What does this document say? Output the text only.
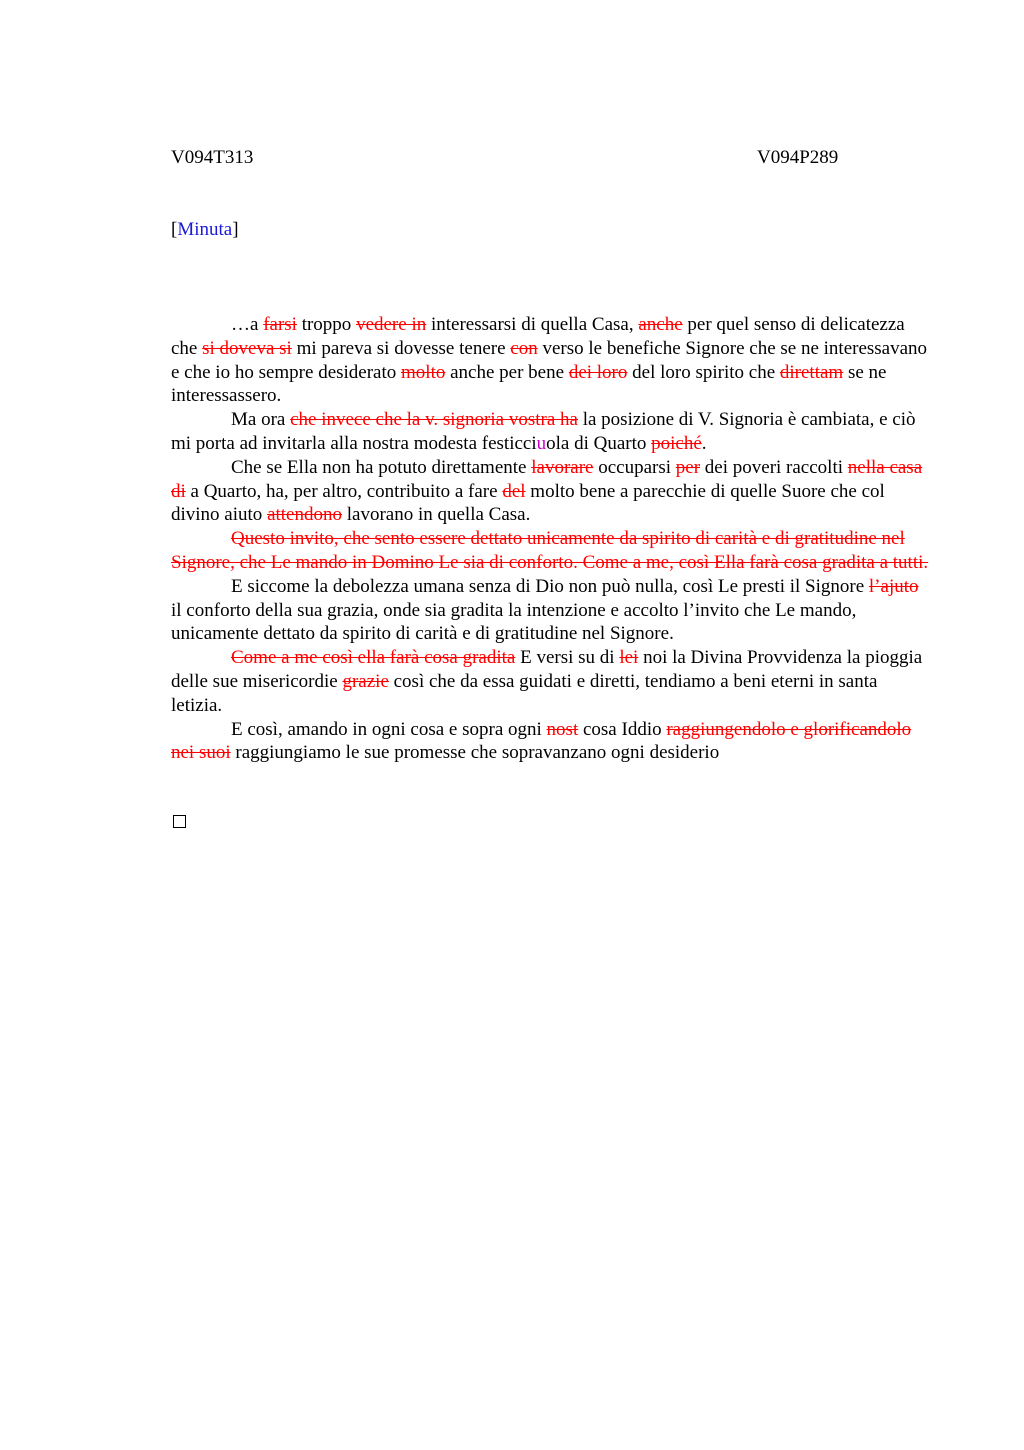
V094T313	V094P289
[Minuta]

…a farsi troppo vedere in interessarsi di quella Casa, anche per quel senso di delicatezza che si doveva si mi pareva si dovesse tenere con verso le benefiche Signore che se ne interessavano e che io ho sempre desiderato molto anche per bene dei loro del loro spirito che direttam se ne interessassero.

Ma ora che invece che la v. signoria vostra ha la posizione di V. Signoria è cambiata, e ciò mi porta ad invitarla alla nostra modesta festicciuola di Quarto poiché.

Che se Ella non ha potuto direttamente lavorare occuparsi per dei poveri raccolti nella casa di a Quarto, ha, per altro, contribuito a fare del molto bene a parecchie di quelle Suore che col divino aiuto attendono lavorano in quella Casa.

Questo invito, che sento essere dettato unicamente da spirito di carità e di gratitudine nel Signore, che Le mando in Domino Le sia di conforto. Come a me, così Ella farà cosa gradita a tutti.

E siccome la debolezza umana senza di Dio non può nulla, così Le presti il Signore l’ajuto il conforto della sua grazia, onde sia gradita la intenzione e accolto l’invito che Le mando, unicamente dettato da spirito di carità e di gratitudine nel Signore.

Come a me così ella farà cosa gradita E versi su di lei noi la Divina Provvidenza la pioggia delle sue misericordie grazie così che da essa guidati e diretti, tendiamo a beni eterni in santa letizia.

E così, amando in ogni cosa e sopra ogni nost cosa Iddio raggiungendolo e glorificandolo nei suoi raggiungiamo le sue promesse che sopravanzano ogni desiderio
